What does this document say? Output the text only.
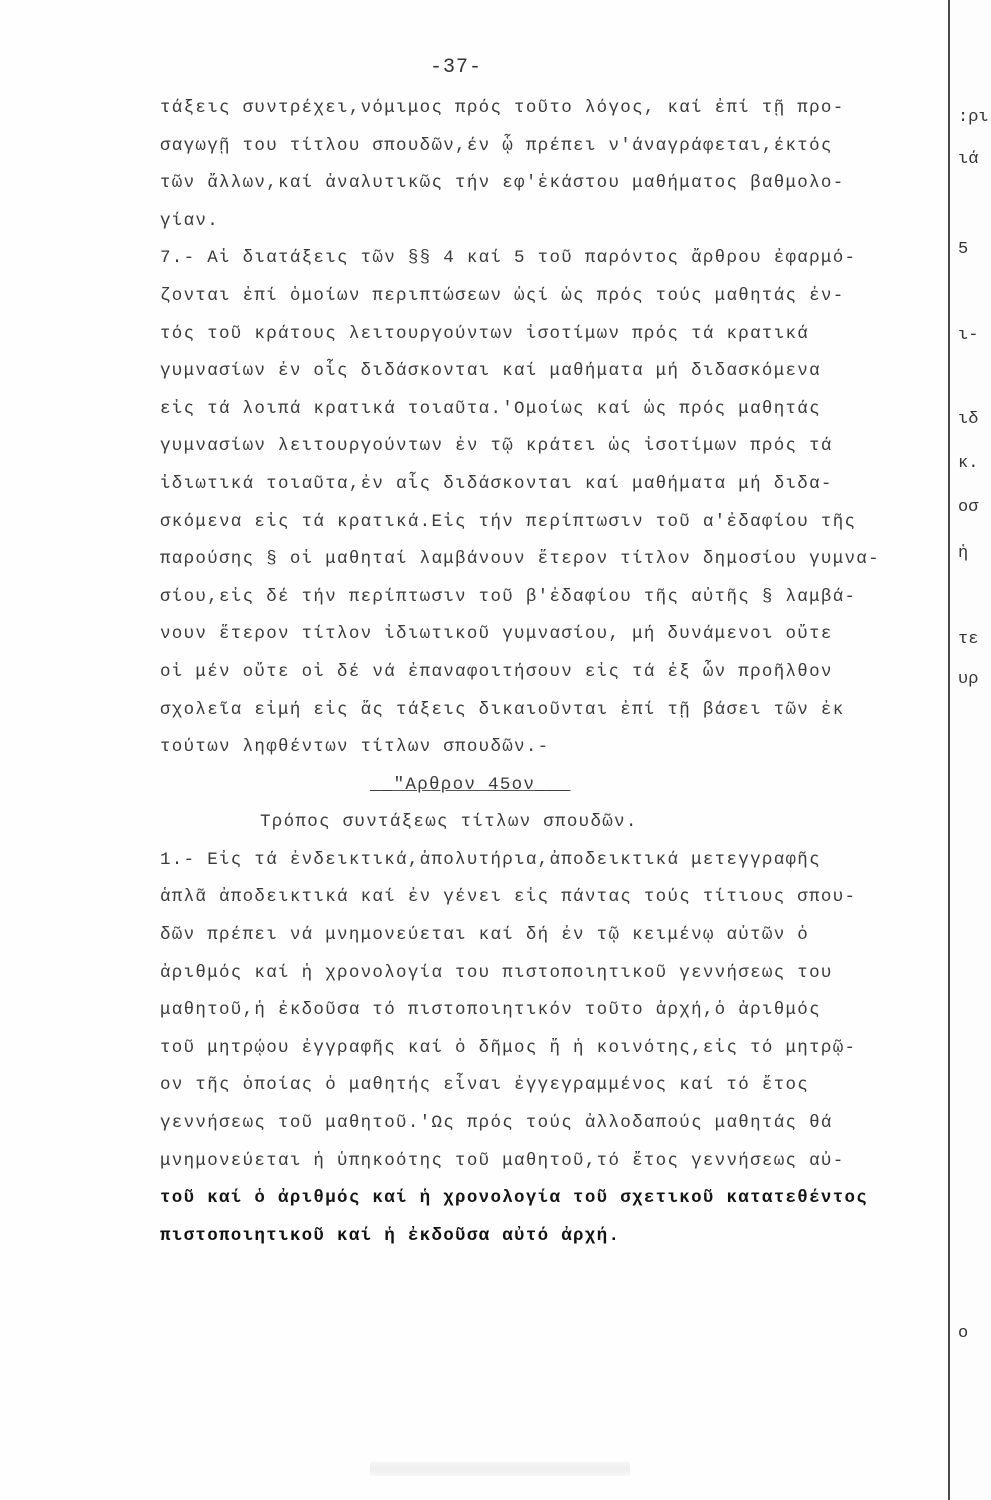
-37-
τάξεις συντρέχει,νόμιμος πρός τοῦτο λόγος, καί ἐπί τῇ προ-
σαγωγῇ του τίτλου σπουδῶν,έν ᾧ πρέπει ν'άναγράφεται,έκτός
τῶν ἄλλων,καί ἀναλυτικῶς τήν εφ'ἑκάστου μαθήματος βαθμολο-
γίαν.
7.- Αἱ διατάξεις τῶν §§ 4 καί 5 τοῦ παρόντος ἄρθρου ἐφαρμό-
ζονται ἐπί ὁμοίων περιπτώσεων ὡςί ὡς πρός τούς μαθητάς ἐν-
τός τοῦ κράτους λειτουργούντων ἰσοτίμων πρός τά κρατικά
γυμνασίων ἐν οἷς διδάσκονται καί μαθήματα μή διδασκόμενα
εἰς τά λοιπά κρατικά τοιαῦτα.'Ομοίως καί ὡς πρός μαθητάς
γυμνασίων λειτουργούντων ἐν τῷ κράτει ὡς ἰσοτίμων πρός τά
ἰδιωτικά τοιαῦτα,ἐν αἷς διδάσκονται καί μαθήματα μή διδα-
σκόμενα εἰς τά κρατικά.Εἰς τήν περίπτωσιν τοῦ α'ἐδαφίου τῆς
παρούσης § οἱ μαθηταί λαμβάνουν ἕτερον τίτλον δημοσίου γυμνα-
σίου,εἰς δέ τήν περίπτωσιν τοῦ β'ἐδαφίου τῆς αὐτῆς § λαμβά-
νουν ἕτερον τίτλον ἰδιωτικοῦ γυμνασίου, μή δυνάμενοι οὔτε
οἱ μέν οὔτε οἱ δέ νά ἐπαναφοιτήσουν εἰς τά ἐξ ὧν προῆλθον
σχολεῖα εἰμή εἰς ἅς τάξεις δικαιοῦνται ἐπί τῇ βάσει τῶν ἐκ
τούτων ληφθέντων τίτλων σπουδῶν.-
__"Αρθρον 45ον___
Τρόπος συντάξεως τίτλων σπουδῶν.
1.- Εἰς τά ἐνδεικτικά,ἀπολυτήρια,ἀποδεικτικά μετεγγραφῆς
ἁπλᾶ ἀποδεικτικά καί ἐν γένει εἰς πάντας τούς τίτιους σπου-
δῶν πρέπει νά μνημονεύεται καί δή ἐν τῷ κειμένῳ αὐτῶν ὁ
ἀριθμός καί ἡ χρονολογία του πιστοποιητικοῦ γεννήσεως του
μαθητοῦ,ἡ ἐκδοῦσα τό πιστοποιητικόν τοῦτο ἀρχή,ὁ ἀριθμός
τοῦ μητρῴου ἐγγραφῆς καί ὁ δῆμος ἤ ἡ κοινότης,εἰς τό μητρῷ-
ον τῆς ὁποίας ὁ μαθητής εἶναι ἐγγεγραμμένος καί τό ἔτος
γεννήσεως τοῦ μαθητοῦ.'Ως πρός τούς ἀλλοδαπούς μαθητάς θά
μνημονεύεται ἡ ὑπηκοότης τοῦ μαθητοῦ,τό ἔτος γεννήσεως αὐ-
τοῦ καί ὁ ἀριθμός καί ἡ χρονολογία τοῦ σχετικοῦ κατατεθέντος
πιστοποιητικοῦ καί ἡ ἐκδοῦσα αὐτό ἀρχή.
:ρι
ιά
5
ι-
ιδ
κ.
οσ
ἡ
τε
υρ
ο
